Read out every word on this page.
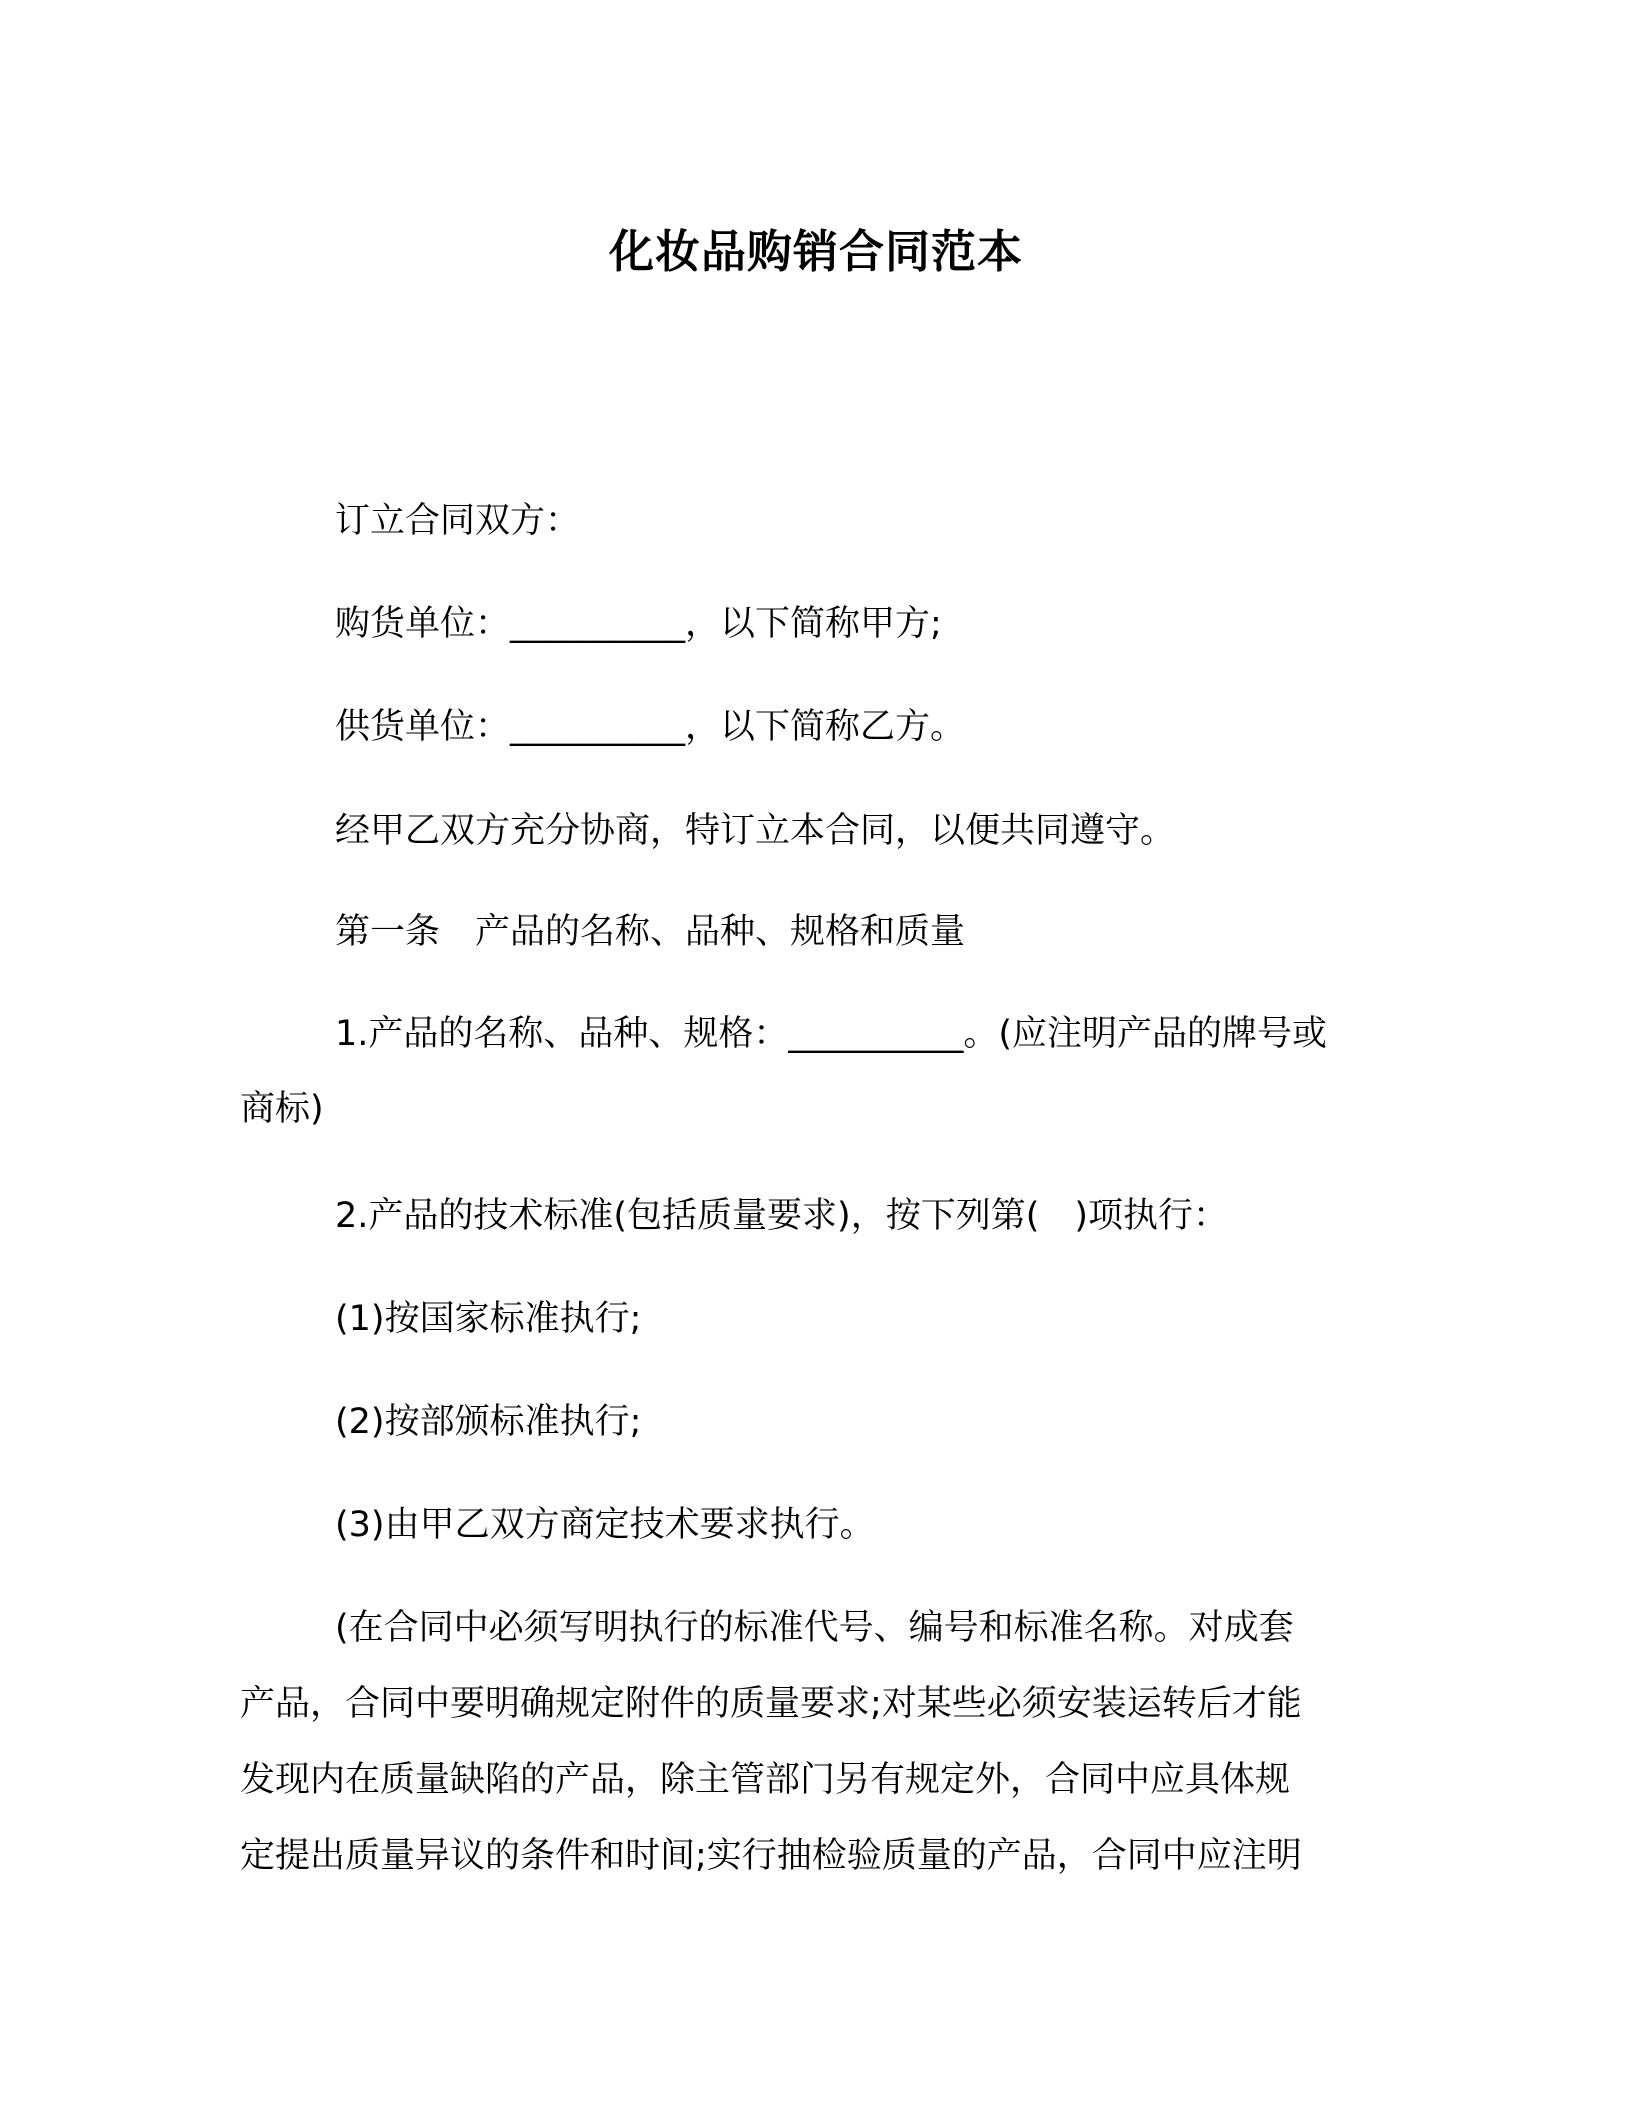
化妆品购销合同范本

订立合同双方：

购货单位：__________，以下简称甲方;

供货单位：__________，以下简称乙方。

经甲乙双方充分协商，特订立本合同，以便共同遵守。

第一条　产品的名称、品种、规格和质量

1.产品的名称、品种、规格：__________。(应注明产品的牌号或
商标)

2.产品的技术标准(包括质量要求)，按下列第(　)项执行：

(1)按国家标准执行;

(2)按部颁标准执行;

(3)由甲乙双方商定技术要求执行。

(在合同中必须写明执行的标准代号、编号和标准名称。对成套
产品，合同中要明确规定附件的质量要求;对某些必须安装运转后才能
发现内在质量缺陷的产品，除主管部门另有规定外，合同中应具体规
定提出质量异议的条件和时间;实行抽检验质量的产品，合同中应注明
